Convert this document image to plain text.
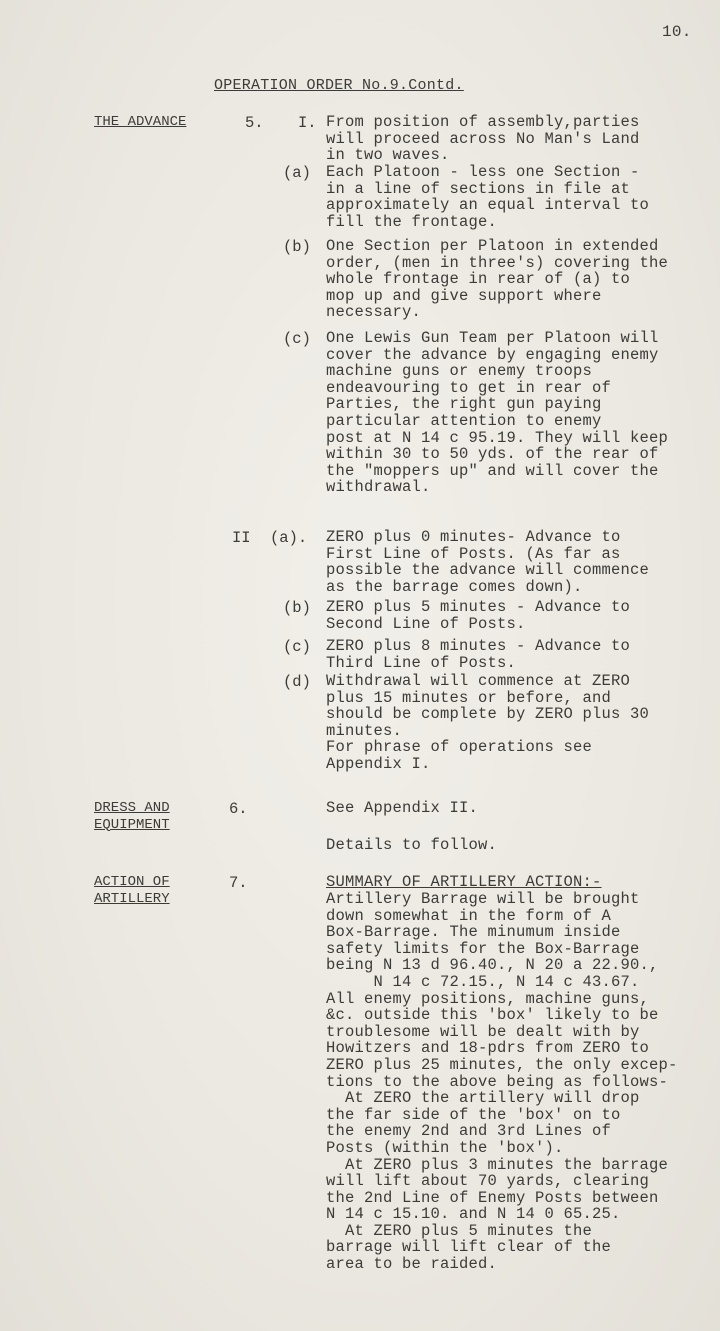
10.
OPERATION ORDER No.9.Contd.
THE ADVANCE	5. I. From position of assembly,parties
will proceed across No Man's Land
in two waves.
(a) Each Platoon - less one Section -
in a line of sections in file at
approximately an equal interval to
fill the frontage.
(b) One Section per Platoon in extended
order, (men in three's) covering the
whole frontage in rear of (a) to
mop up and give support where
necessary.
(c) One Lewis Gun Team per Platoon will
cover the advance by engaging enemy
machine guns or enemy troops
endeavouring to get in rear of
Parties, the right gun paying
particular attention to enemy
post at N 14 c 95.19. They will keep
within 30 to 50 yds. of the rear of
the "moppers up" and will cover the
withdrawal.
II (a). ZERO plus 0 minutes- Advance to
First Line of Posts. (As far as
possible the advance will commence
as the barrage comes down).
(b) ZERO plus 5 minutes - Advance to
Second Line of Posts.
(c) ZERO plus 8 minutes - Advance to
Third Line of Posts.
(d) Withdrawal will commence at ZERO
plus 15 minutes or before, and
should be complete by ZERO plus 30
minutes.
For phrase of operations see
Appendix I.
DRESS AND
EQUIPMENT
6.	See Appendix II.
Details to follow.
ACTION OF
ARTILLERY
7.	SUMMARY OF ARTILLERY ACTION:-
Artillery Barrage will be brought
down somewhat in the form of A
Box-Barrage. The minumum inside
safety limits for the Box-Barrage
being N 13 d 96.40., N 20 a 22.90.,
N 14 c 72.15., N 14 c 43.67.
All enemy positions, machine guns,
&c. outside this 'box' likely to be
troublesome will be dealt with by
Howitzers and 18-pdrs from ZERO to
ZERO plus 25 minutes, the only excep-
tions to the above being as follows-
At ZERO the artillery will drop
the far side of the 'box' on to
the enemy 2nd and 3rd Lines of
Posts (within the 'box').
At ZERO plus 3 minutes the barrage
will lift about 70 yards, clearing
the 2nd Line of Enemy Posts between
N 14 c 15.10. and N 14 0 65.25.
At ZERO plus 5 minutes the
barrage will lift clear of the
area to be raided.
